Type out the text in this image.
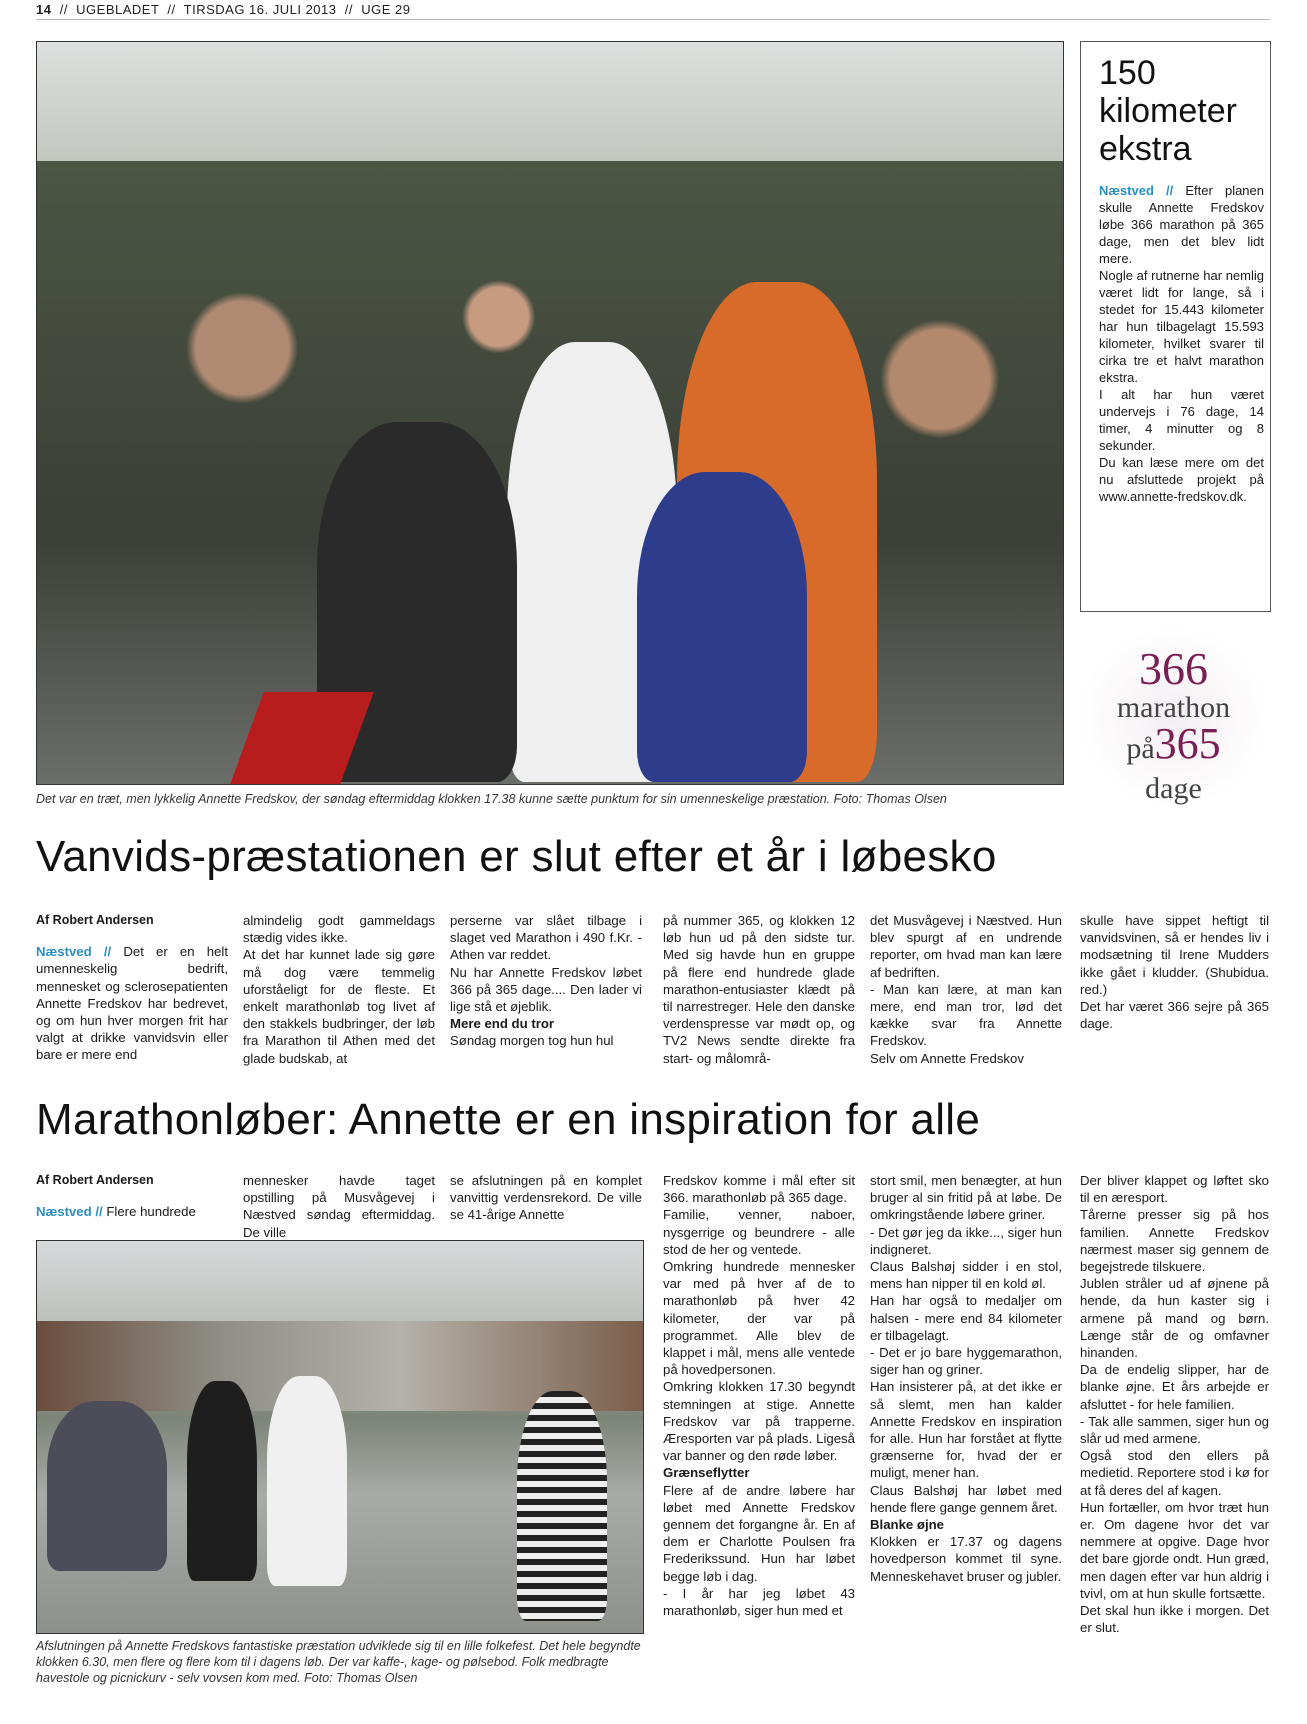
14 // UGEBLADET // TIRSDAG 16. JULI 2013 // UGE 29
Det var en træt, men lykkelig Annette Fredskov, der søndag eftermiddag klokken 17.38 kunne sætte punktum for sin umenneskelige præstation. Foto: Thomas Olsen
150
kilometer
ekstra
Næstved // Efter planen skulle Annette Fredskov løbe 366 marathon på 365 dage, men det blev lidt mere.
Nogle af rutnerne har nemlig været lidt for lange, så i stedet for 15.443 kilometer har hun tilbagelagt 15.593 kilometer, hvilket svarer til cirka tre et halvt marathon ekstra.
I alt har hun været undervejs i 76 dage, 14 timer, 4 minutter og 8 sekunder.
Du kan læse mere om det nu afsluttede projekt på www.annette-fredskov.dk.
366
marathon
på365
dage
Vanvids-præstationen er slut efter et år i løbesko
Af Robert Andersen

Næstved // Det er en helt umenneskelig bedrift, mennesket og sclerosepatienten Annette Fredskov har bedrevet, og om hun hver morgen frit har valgt at drikke vanvidsvin eller bare er mere end

almindelig godt gammeldags stædig vides ikke.
At det har kunnet lade sig gøre må dog være temmelig uforståeligt for de fleste. Et enkelt marathonløb tog livet af den stakkels budbringer, der løb fra Marathon til Athen med det glade budskab, at

perserne var slået tilbage i slaget ved Marathon i 490 f.Kr. - Athen var reddet.
Nu har Annette Fredskov løbet 366 på 365 dage.... Den lader vi lige stå et øjeblik.

Mere end du tror

Søndag morgen tog hun hul

på nummer 365, og klokken 12 løb hun ud på den sidste tur. Med sig havde hun en gruppe på flere end hundrede glade marathon-entusiaster klædt på til narrestreger. Hele den danske verdenspresse var mødt op, og TV2 News sendte direkte fra start- og målområ-
det Musvågevej i Næstved. Hun blev spurgt af en undrende reporter, om hvad man kan lære af bedriften.
- Man kan lære, at man kan mere, end man tror, lød det kække svar fra Annette Fredskov.
Selv om Annette Fredskov
skulle have sippet heftigt til vanvidsvinen, så er hendes liv i modsætning til Irene Mudders ikke gået i kludder. (Shubidua. red.)
Det har været 366 sejre på 365 dage.
Marathonløber: Annette er en inspiration for alle
Af Robert Andersen

Næstved // Flere hundrede

mennesker havde taget opstilling på Musvågevej i Næstved søndag eftermiddag. De ville
se afslutningen på en komplet vanvittig verdensrekord. De ville se 41-årige Annette
Afslutningen på Annette Fredskovs fantastiske præstation udviklede sig til en lille folkefest. Det hele begyndte klokken 6.30, men flere og flere kom til i dagens løb. Der var kaffe-, kage- og pølsebod. Folk medbragte havestole og picnickurv - selv vovsen kom med. Foto: Thomas Olsen

Fredskov komme i mål efter sit 366. marathonløb på 365 dage.
Familie, venner, naboer, nysgerrige og beundrere - alle stod de her og ventede.
Omkring hundrede mennesker var med på hver af de to marathonløb på hver 42 kilometer, der var på programmet. Alle blev de klappet i mål, mens alle ventede på hovedpersonen.
Omkring klokken 17.30 begyndt stemningen at stige. Annette Fredskov var på trapperne. Æresporten var på plads. Ligeså var banner og den røde løber.

Grænseflytter

Flere af de andre løbere har løbet med Annette Fredskov gennem det forgangne år. En af dem er Charlotte Poulsen fra Frederikssund. Hun har løbet begge løb i dag.
- I år har jeg løbet 43 marathonløb, siger hun med et

stort smil, men benægter, at hun bruger al sin fritid på at løbe. De omkringstående løbere griner.
- Det gør jeg da ikke..., siger hun indigneret.
Claus Balshøj sidder i en stol, mens han nipper til en kold øl.
Han har også to medaljer om halsen - mere end 84 kilometer er tilbagelagt.
- Det er jo bare hyggemarathon, siger han og griner.
Han insisterer på, at det ikke er så slemt, men han kalder Annette Fredskov en inspiration for alle. Hun har forstået at flytte grænserne for, hvad der er muligt, mener han.
Claus Balshøj har løbet med hende flere gange gennem året.

Blanke øjne

Klokken er 17.37 og dagens hovedperson kommet til syne. Menneskehavet bruser og jubler.

Der bliver klappet og løftet sko til en æresport.
Tårerne presser sig på hos familien. Annette Fredskov nærmest maser sig gennem de begejstrede tilskuere.
Jublen stråler ud af øjnene på hende, da hun kaster sig i armene på mand og børn. Længe står de og omfavner hinanden.
Da de endelig slipper, har de blanke øjne. Et års arbejde er afsluttet - for hele familien.
- Tak alle sammen, siger hun og slår ud med armene.
Også stod den ellers på medietid. Reportere stod i kø for at få deres del af kagen.
Hun fortæller, om hvor træt hun er. Om dagene hvor det var nemmere at opgive. Dage hvor det bare gjorde ondt. Hun græd, men dagen efter var hun aldrig i tvivl, om at hun skulle fortsætte.
Det skal hun ikke i morgen. Det er slut.
